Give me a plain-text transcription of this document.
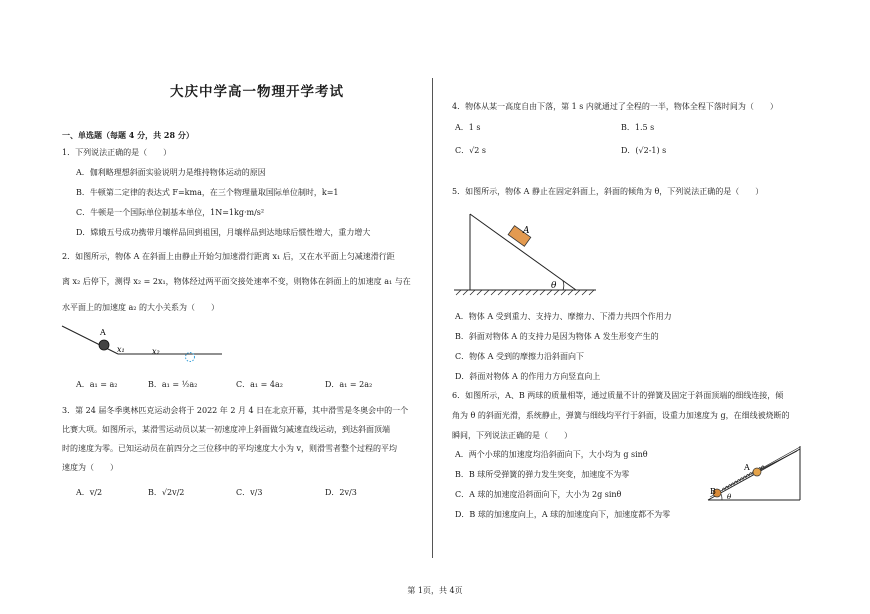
大庆中学高一物理开学考试
一、单选题（每题 4 分，共 28 分）
1．下列说法正确的是（　　）
A．伽利略理想斜面实验说明力是维持物体运动的原因
B．牛顿第二定律的表达式 F=kma，在三个物理量取国际单位制时，k=1
C．牛顿是一个国际单位制基本单位，1N=1kg·m/s²
D．嫦娥五号成功携带月壤样品回到祖国，月壤样品到达地球后惯性增大，重力增大
2．如图所示，物体 A 在斜面上由静止开始匀加速滑行距离 x₁ 后，又在水平面上匀减速滑行距
离 x₂ 后停下，测得 x₂ = 2x₁，物体经过两平面交接处速率不变，则物体在斜面上的加速度 a₁ 与在
水平面上的加速度 a₂ 的大小关系为（　　）
A
x₁	x₂
A．a₁ = a₂	B．a₁ = ½a₂	C．a₁ = 4a₂	D．a₁ = 2a₂
3．第 24 届冬季奥林匹克运动会将于 2022 年 2 月 4 日在北京开幕，其中滑雪是冬奥会中的一个
比赛大项。如图所示，某滑雪运动员以某一初速度冲上斜面做匀减速直线运动，到达斜面顶端
时的速度为零。已知运动员在前四分之三位移中的平均速度大小为 v，则滑雪者整个过程的平均
速度为（　　）
A．v/2	B．√2v/2	C．v/3	D．2v/3
4．物体从某一高度自由下落，第 1 s 内就通过了全程的一半，物体全程下落时间为（　　）
A．1 s	B．1.5 s
C．√2 s	D．(√2-1) s
5．如图所示，物体 A 静止在固定斜面上，斜面的倾角为 θ，下列说法正确的是（　　）
A
θ
A．物体 A 受到重力、支持力、摩擦力、下滑力共四个作用力
B．斜面对物体 A 的支持力是因为物体 A 发生形变产生的
C．物体 A 受到的摩擦力沿斜面向下
D．斜面对物体 A 的作用力方向竖直向上
6．如图所示，A、B 两球的质量相等，通过质量不计的弹簧及固定于斜面顶端的细线连接，倾
角为 θ 的斜面光滑，系统静止，弹簧与细线均平行于斜面，设重力加速度为 g，在细线被烧断的
瞬间，下列说法正确的是（　　）
A．两个小球的加速度均沿斜面向下，大小均为 g sinθ
B．B 球所受弹簧的弹力发生突变，加速度不为零
C．A 球的加速度沿斜面向下，大小为 2g sinθ
D．B 球的加速度向上，A 球的加速度向下，加速度都不为零
A
B
θ
第 1页，共 4页
